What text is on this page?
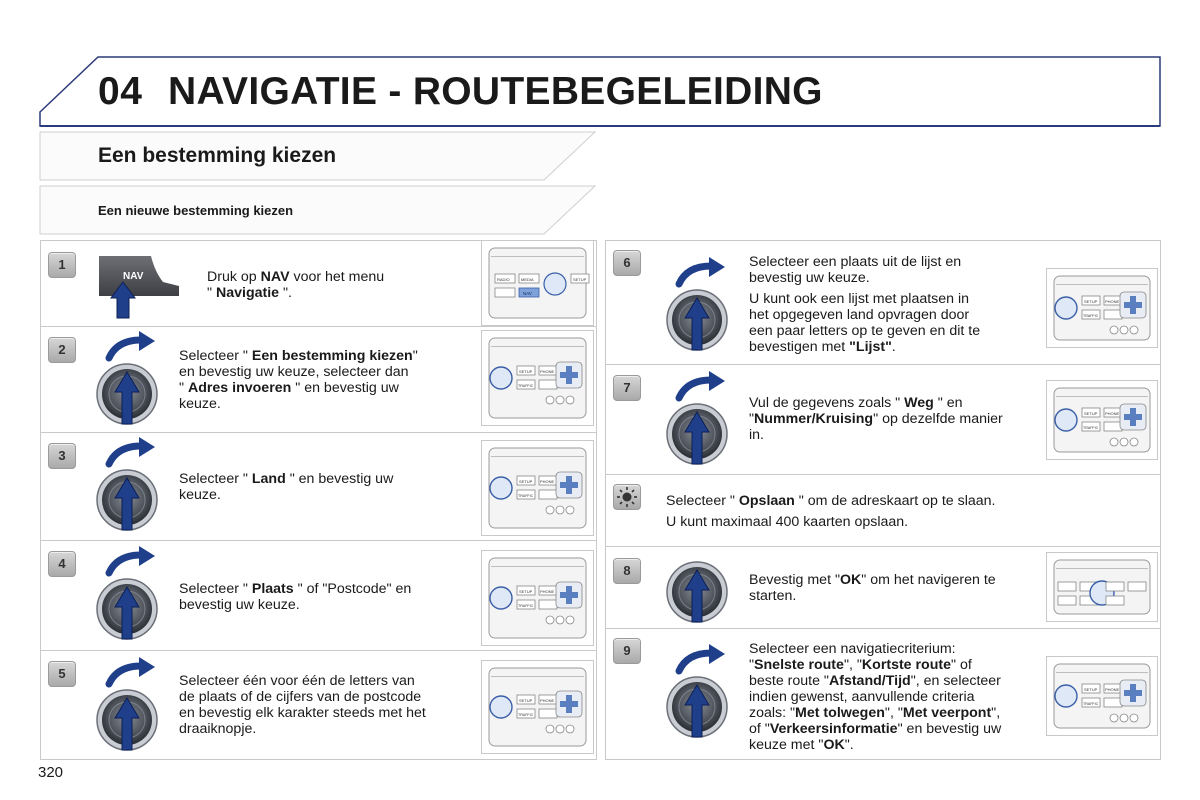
04 NAVIGATIE - ROUTEBEGELEIDING
Een bestemming kiezen
Een nieuwe bestemming kiezen
1
2
3
4
5
6
7
8
9
NAV	RADIO	MEDIA
NAV
SETUP
SETUP PHONE
TRAFFIC
SETUP PHONE
TRAFFIC
SETUP PHONE
TRAFFIC
SETUP PHONE
TRAFFIC
SETUP PHONE
TRAFFIC
SETUP PHONE
TRAFFIC
SETUP PHONE
TRAFFIC
Druk op NAV voor het menu
" Navigatie ".
Selecteer " Een bestemming kiezen"
en bevestig uw keuze, selecteer dan
" Adres invoeren " en bevestig uw
keuze.
Selecteer " Land " en bevestig uw
keuze.
Selecteer " Plaats " of "Postcode" en
bevestig uw keuze.
Selecteer één voor één de letters van
de plaats of de cijfers van de postcode
en bevestig elk karakter steeds met het
draaiknopje.
Selecteer een plaats uit de lijst en
bevestig uw keuze.
U kunt ook een lijst met plaatsen in
het opgegeven land opvragen door
een paar letters op te geven en dit te
bevestigen met "Lijst".
Vul de gegevens zoals " Weg " en
"Nummer/Kruising" op dezelfde manier
in.
Bevestig met "OK" om het navigeren te
starten.
Selecteer een navigatiecriterium:
"Snelste route", "Kortste route" of
beste route "Afstand/Tijd", en selecteer
indien gewenst, aanvullende criteria
zoals: "Met tolwegen", "Met veerpont",
of "Verkeersinformatie" en bevestig uw
keuze met "OK".
Selecteer " Opslaan " om de adreskaart op te slaan.
U kunt maximaal 400 kaarten opslaan.
320
